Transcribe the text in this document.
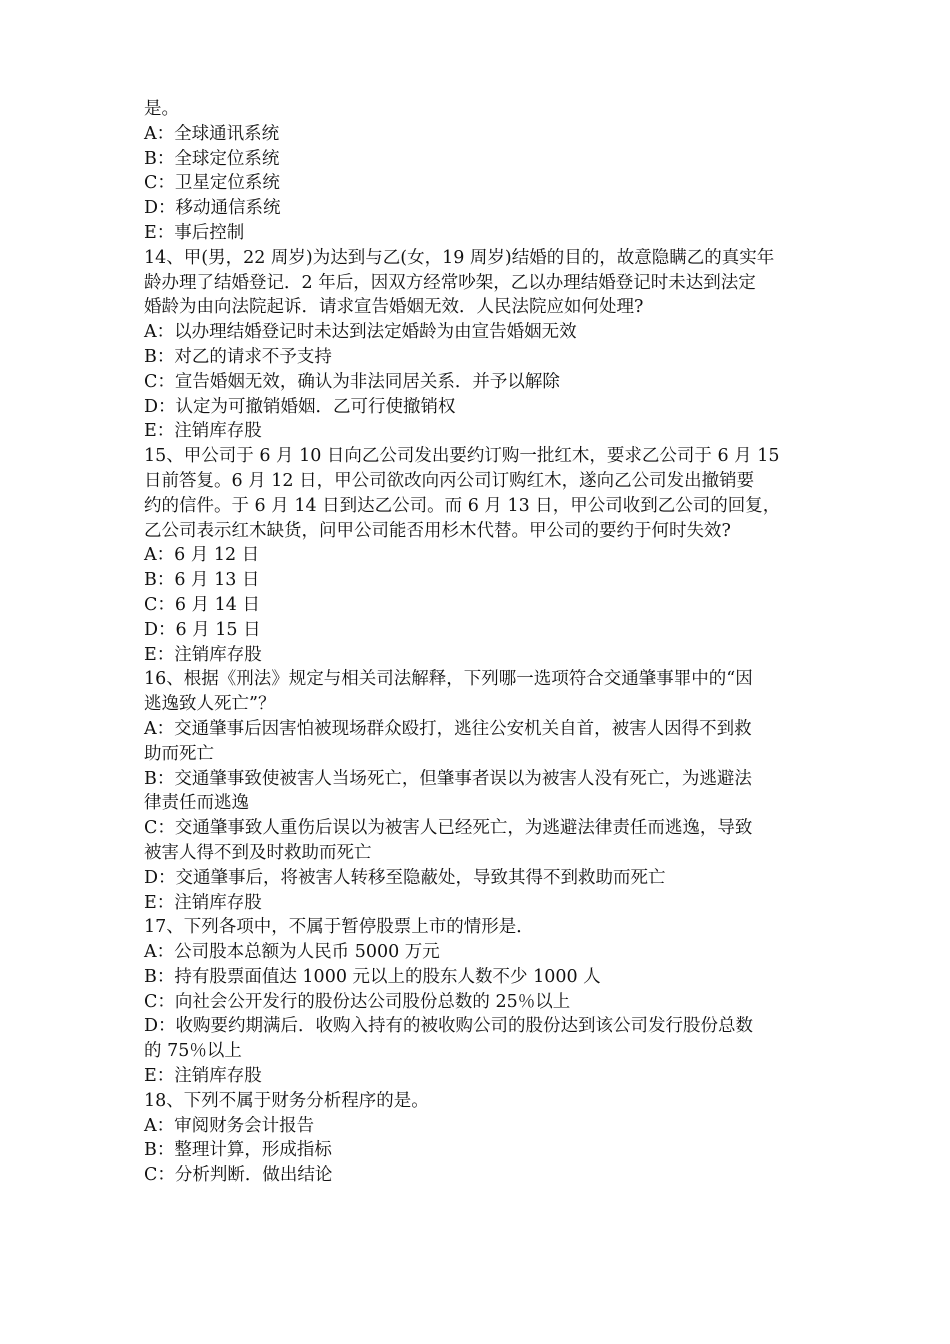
是。
A：全球通讯系统
B：全球定位系统
C：卫星定位系统
D：移动通信系统
E：事后控制
14、甲(男，22 周岁)为达到与乙(女，19 周岁)结婚的目的，故意隐瞒乙的真实年
龄办理了结婚登记．2 年后，因双方经常吵架，乙以办理结婚登记时未达到法定
婚龄为由向法院起诉．请求宣告婚姻无效．人民法院应如何处理?
A：以办理结婚登记时未达到法定婚龄为由宣告婚姻无效
B：对乙的请求不予支持
C：宣告婚姻无效，确认为非法同居关系．并予以解除
D：认定为可撤销婚姻．乙可行使撤销权
E：注销库存股
15、甲公司于 6 月 10 日向乙公司发出要约订购一批红木，要求乙公司于 6 月 15
日前答复。6 月 12 日，甲公司欲改向丙公司订购红木，遂向乙公司发出撤销要
约的信件。于 6 月 14 日到达乙公司。而 6 月 13 日，甲公司收到乙公司的回复，
乙公司表示红木缺货，问甲公司能否用杉木代替。甲公司的要约于何时失效?
A：6 月 12 日
B：6 月 13 日
C：6 月 14 日
D：6 月 15 日
E：注销库存股
16、根据《刑法》规定与相关司法解释，下列哪一选项符合交通肇事罪中的“因
逃逸致人死亡”？
A：交通肇事后因害怕被现场群众殴打，逃往公安机关自首，被害人因得不到救
助而死亡
B：交通肇事致使被害人当场死亡，但肇事者误以为被害人没有死亡，为逃避法
律责任而逃逸
C：交通肇事致人重伤后误以为被害人已经死亡，为逃避法律责任而逃逸，导致
被害人得不到及时救助而死亡
D：交通肇事后，将被害人转移至隐蔽处，导致其得不到救助而死亡
E：注销库存股
17、下列各项中，不属于暂停股票上市的情形是．
A：公司股本总额为人民币 5000 万元
B：持有股票面值达 1000 元以上的股东人数不少 1000 人
C：向社会公开发行的股份达公司股份总数的 25％以上
D：收购要约期满后．收购入持有的被收购公司的股份达到该公司发行股份总数
的 75％以上
E：注销库存股
18、下列不属于财务分析程序的是。
A：审阅财务会计报告
B：整理计算，形成指标
C：分析判断．做出结论
